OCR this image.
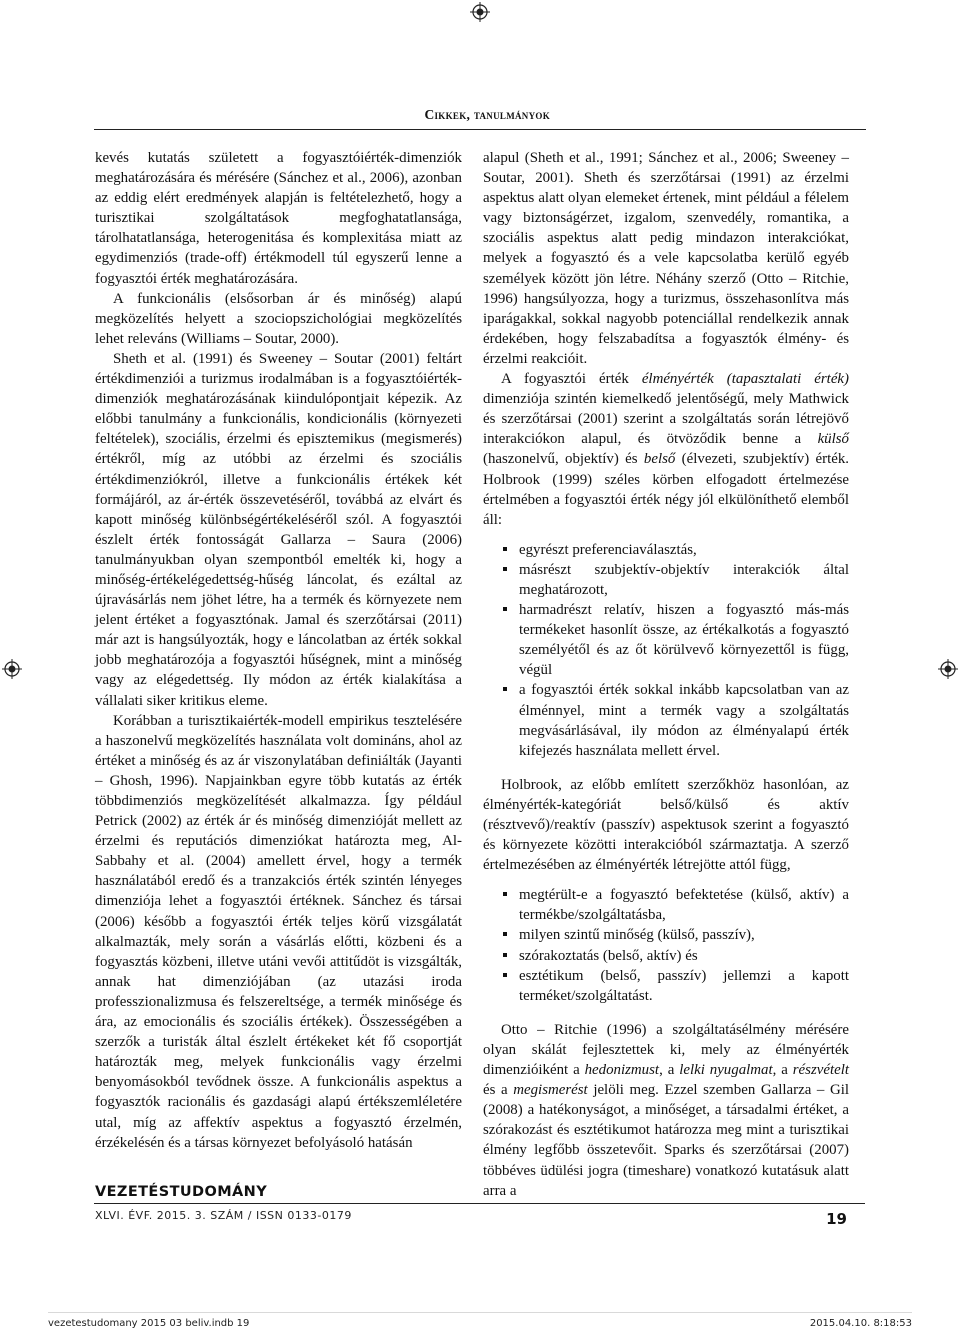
Cikkek, tanulmányok

kevés kutatás született a fogyasztóiérték-dimenziók meghatározására és mérésére (Sánchez et al., 2006), azonban az eddig elért eredmények alapján is feltételezhető, hogy a turisztikai szolgáltatások megfoghatatlansága, tárolhatatlansága, heterogenitása és komplexitása miatt az egydimenziós (trade-off) értékmodell túl egyszerű lenne a fogyasztói érték meghatározására.

A funkcionális (elsősorban ár és minőség) alapú megközelítés helyett a szociopszichológiai megközelítés lehet releváns (Williams – Soutar, 2000).

Sheth et al. (1991) és Sweeney – Soutar (2001) feltárt értékdimenziói a turizmus irodalmában is a fogyasztóiérték-dimenziók meghatározásának kiindulópontjait képezik. Az előbbi tanulmány a funkcionális, kondicionális (környezeti feltételek), szociális, érzelmi és episztemikus (megismerés) értékről, míg az utóbbi az érzelmi és szociális értékdimenziókról, illetve a funkcionális értékek két formájáról, az ár-érték összevetéséről, továbbá az elvárt és kapott minőség különbségértékeléséről szól. A fogyasztói észlelt érték fontosságát Gallarza – Saura (2006) tanulmányukban olyan szempontból emelték ki, hogy a minőség-értékelégedettség-hűség láncolat, és ezáltal az újravásárlás nem jöhet létre, ha a termék és környezete nem jelent értéket a fogyasztónak. Jamal és szerzőtársai (2011) már azt is hangsúlyozták, hogy e láncolatban az érték sokkal jobb meghatározója a fogyasztói hűségnek, mint a minőség vagy az elégedettség. Ily módon az érték kialakítása a vállalati siker kritikus eleme.

Korábban a turisztikaiérték-modell empirikus tesztelésére a haszonelvű megközelítés használata volt domináns, ahol az értéket a minőség és az ár viszonylatában definiálták (Jayanti – Ghosh, 1996). Napjainkban egyre több kutatás az érték többdimenziós megközelítését alkalmazza. Így például Petrick (2002) az érték ár és minőség dimenzióját mellett az érzelmi és reputációs dimenziókat határozta meg, Al-Sabbahy et al. (2004) amellett érvel, hogy a termék használatából eredő és a tranzakciós érték szintén lényeges dimenziója lehet a fogyasztói értéknek. Sánchez és társai (2006) később a fogyasztói érték teljes körű vizsgálatát alkalmazták, mely során a vásárlás előtti, közbeni és a fogyasztás közbeni, illetve utáni vevői attitűdöt is vizsgálták, annak hat dimenziójában (az utazási iroda professzionalizmusa és felszereltsége, a termék minősége és ára, az emocionális és szociális értékek). Összességében a szerzők a turisták által észlelt értékeket két fő csoportját határozták meg, melyek funkcionális vagy érzelmi benyomásokból tevődnek össze. A funkcionális aspektus a fogyasztók racionális és gazdasági alapú értékszemléletére utal, míg az affektív aspektus a fogyasztó érzelmén, érzékelésén és a társas környezet befolyásoló hatásán

alapul (Sheth et al., 1991; Sánchez et al., 2006; Sweeney – Soutar, 2001). Sheth és szerzőtársai (1991) az érzelmi aspektus alatt olyan elemeket értenek, mint például a félelem vagy biztonságérzet, izgalom, szenvedély, romantika, a szociális aspektus alatt pedig mindazon interakciókat, melyek a fogyasztó és a vele kapcsolatba kerülő egyéb személyek között jön létre. Néhány szerző (Otto – Ritchie, 1996) hangsúlyozza, hogy a turizmus, összehasonlítva más iparágakkal, sokkal nagyobb potenciállal rendelkezik annak érdekében, hogy felszabadítsa a fogyasztók élmény- és érzelmi reakcióit.

A fogyasztói érték élményérték (tapasztalati érték) dimenziója szintén kiemelkedő jelentőségű, mely Mathwick és szerzőtársai (2001) szerint a szolgáltatás során létrejövő interakciókon alapul, és ötvöződik benne a külső (haszonelvű, objektív) és belső (élvezeti, szubjektív) érték. Holbrook (1999) széles körben elfogadott értelmezése értelmében a fogyasztói érték négy jól elkülöníthető elemből áll:

egyrészt preferenciaválasztás,
másrészt szubjektív-objektív interakciók által meghatározott,
harmadrészt relatív, hiszen a fogyasztó más-más termékeket hasonlít össze, az értékalkotás a fogyasztó személyétől és az őt körülvevő környezettől is függ, végül
a fogyasztói érték sokkal inkább kapcsolatban van az élménnyel, mint a termék vagy a szolgáltatás megvásárlásával, ily módon az élményalapú érték kifejezés használata mellett érvel.

Holbrook, az előbb említett szerzőkhöz hasonlóan, az élményérték-kategóriát belső/külső és aktív (résztvevő)/reaktív (passzív) aspektusok szerint a fogyasztó és környezete közötti interakcióból származtatja. A szerző értelmezésében az élményérték létrejötte attól függ,

megtérült-e a fogyasztó befektetése (külső, aktív) a termékbe/szolgáltatásba,
milyen szintű minőség (külső, passzív),
szórakoztatás (belső, aktív) és
esztétikum (belső, passzív) jellemzi a kapott terméket/szolgáltatást.

Otto – Ritchie (1996) a szolgáltatásélmény mérésére olyan skálát fejlesztettek ki, mely az élményérték dimenzióiként a hedonizmust, a lelki nyugalmat, a részvételt és a megismerést jelöli meg. Ezzel szemben Gallarza – Gil (2008) a hatékonyságot, a minőséget, a társadalmi értéket, a szórakozást és esztétikumot határozza meg mint a turisztikai élmény legfőbb összetevőit. Sparks és szerzőtársai (2007) többéves üdülési jogra (timeshare) vonatkozó kutatásuk alatt arra a

VEZETÉSTUDOMÁNY
XLVI. ÉVF. 2015. 3. SZÁM / ISSN 0133-0179	19
vezetestudomany 2015 03 beliv.indb 19	2015.04.10. 8:18:53
